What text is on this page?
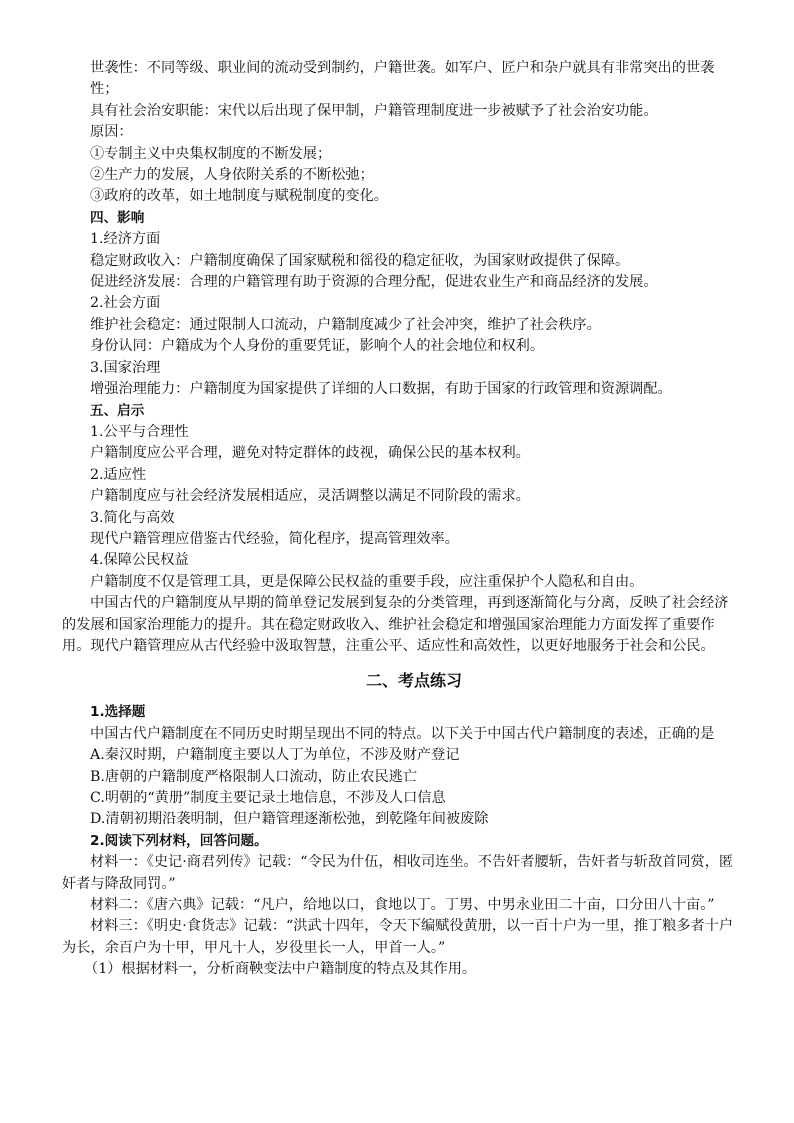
世袭性：不同等级、职业间的流动受到制约，户籍世袭。如军户、匠户和杂户就具有非常突出的世袭性；

具有社会治安职能：宋代以后出现了保甲制，户籍管理制度进一步被赋予了社会治安功能。

原因：

①专制主义中央集权制度的不断发展；

②生产力的发展，人身依附关系的不断松弛；

③政府的改革，如土地制度与赋税制度的变化。

四、影响

1.经济方面

稳定财政收入：户籍制度确保了国家赋税和徭役的稳定征收，为国家财政提供了保障。

促进经济发展：合理的户籍管理有助于资源的合理分配，促进农业生产和商品经济的发展。

2.社会方面

维护社会稳定：通过限制人口流动，户籍制度减少了社会冲突，维护了社会秩序。

身份认同：户籍成为个人身份的重要凭证，影响个人的社会地位和权利。

3.国家治理

增强治理能力：户籍制度为国家提供了详细的人口数据，有助于国家的行政管理和资源调配。

五、启示

1.公平与合理性

户籍制度应公平合理，避免对特定群体的歧视，确保公民的基本权利。

2.适应性

户籍制度应与社会经济发展相适应，灵活调整以满足不同阶段的需求。

3.简化与高效

现代户籍管理应借鉴古代经验，简化程序，提高管理效率。

4.保障公民权益

户籍制度不仅是管理工具，更是保障公民权益的重要手段，应注重保护个人隐私和自由。

中国古代的户籍制度从早期的简单登记发展到复杂的分类管理，再到逐渐简化与分离，反映了社会经济的发展和国家治理能力的提升。其在稳定财政收入、维护社会稳定和增强国家治理能力方面发挥了重要作用。现代户籍管理应从古代经验中汲取智慧，注重公平、适应性和高效性，以更好地服务于社会和公民。

二、考点练习

1.选择题

中国古代户籍制度在不同历史时期呈现出不同的特点。以下关于中国古代户籍制度的表述，正确的是

A.秦汉时期，户籍制度主要以人丁为单位，不涉及财产登记

B.唐朝的户籍制度严格限制人口流动，防止农民逃亡

C.明朝的“黄册”制度主要记录土地信息，不涉及人口信息

D.清朝初期沿袭明制，但户籍管理逐渐松弛，到乾隆年间被废除

2.阅读下列材料，回答问题。

材料一：《史记·商君列传》记载：“令民为什伍，相收司连坐。不告奸者腰斩，告奸者与斩敌首同赏，匿奸者与降敌同罚。”

材料二：《唐六典》记载：“凡户，给地以口，食地以丁。丁男、中男永业田二十亩，口分田八十亩。”

材料三：《明史·食货志》记载：“洪武十四年，令天下编赋役黄册，以一百十户为一里，推丁粮多者十户为长，余百户为十甲，甲凡十人，岁役里长一人，甲首一人。”

（1）根据材料一，分析商鞅变法中户籍制度的特点及其作用。
